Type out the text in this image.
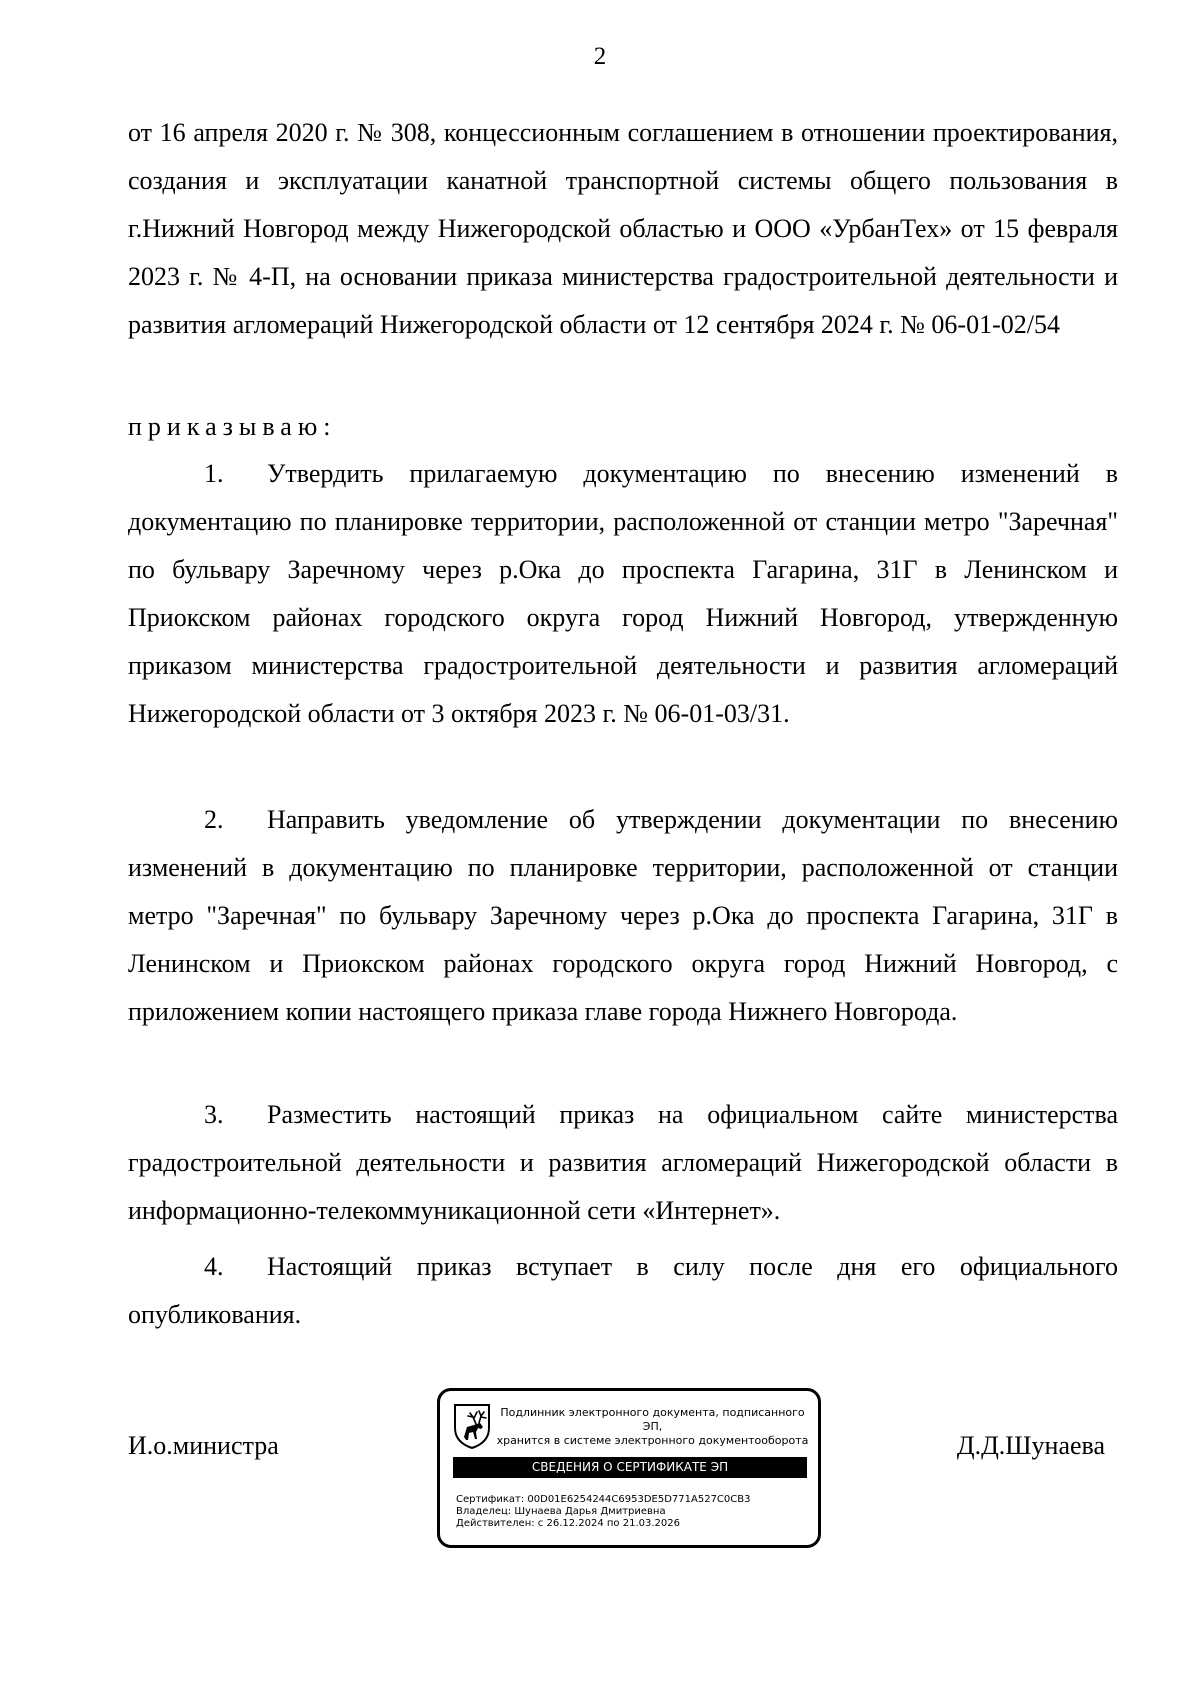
2
от 16 апреля 2020 г. № 308, концессионным соглашением в отношении проектирования, создания и эксплуатации канатной транспортной системы общего пользования в г.Нижний Новгород между Нижегородской областью и ООО «УрбанТех» от 15 февраля 2023 г. № 4-П, на основании приказа министерства градостроительной деятельности и развития агломераций Нижегородской области от 12 сентября 2024 г. № 06-01-02/54
приказываю:
1. Утвердить прилагаемую документацию по внесению изменений в документацию по планировке территории, расположенной от станции метро "Заречная" по бульвару Заречному через р.Ока до проспекта Гагарина, 31Г в Ленинском и Приокском районах городского округа город Нижний Новгород, утвержденную приказом министерства градостроительной деятельности и развития агломераций Нижегородской области от 3 октября 2023 г. № 06-01-03/31.
2. Направить уведомление об утверждении документации по внесению изменений в документацию по планировке территории, расположенной от станции метро "Заречная" по бульвару Заречному через р.Ока до проспекта Гагарина, 31Г в Ленинском и Приокском районах городского округа город Нижний Новгород, с приложением копии настоящего приказа главе города Нижнего Новгорода.
3. Разместить настоящий приказ на официальном сайте министерства градостроительной деятельности и развития агломераций Нижегородской области в информационно-телекоммуникационной сети «Интернет».
4. Настоящий приказ вступает в силу после дня его официального опубликования.
И.о.министра
Подлинник электронного документа, подписанного ЭП,
хранится в системе электронного документооборота
СВЕДЕНИЯ О СЕРТИФИКАТЕ ЭП
Сертификат: 00D01E6254244C6953DE5D771A527C0CB3
Владелец: Шунаева Дарья Дмитриевна
Действителен: с 26.12.2024 по 21.03.2026
Д.Д.Шунаева
